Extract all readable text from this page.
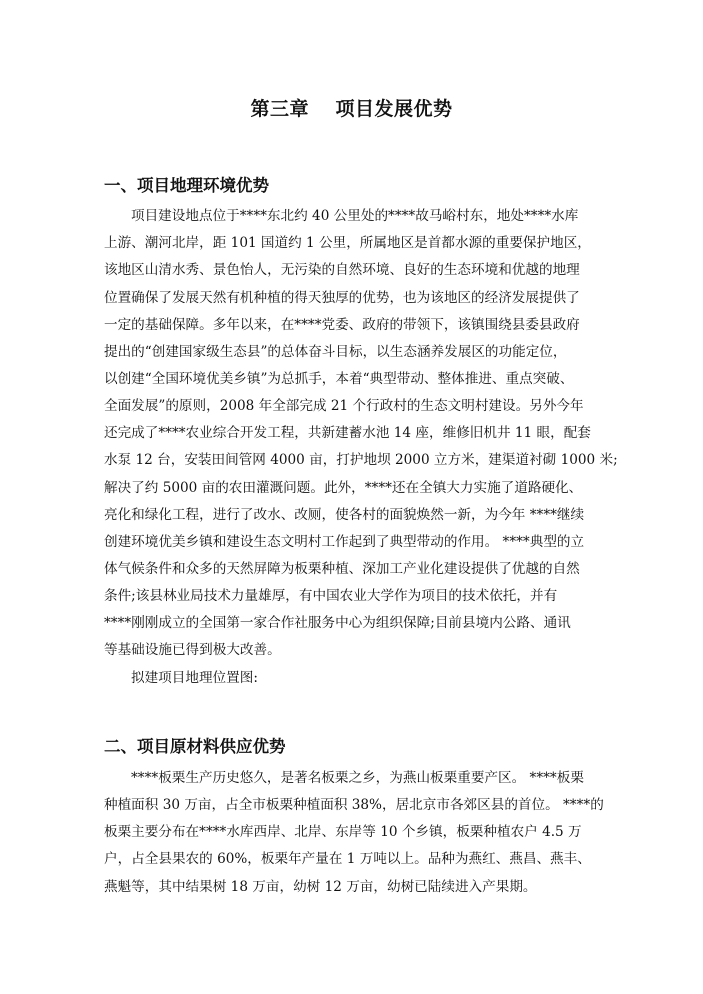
第三章　 项目发展优势
一、项目地理环境优势
项目建设地点位于****东北约 40 公里处的****故马峪村东，地处****水库
上游、潮河北岸，距 101 国道约 1 公里，所属地区是首都水源的重要保护地区，
该地区山清水秀、景色怡人，无污染的自然环境、良好的生态环境和优越的地理
位置确保了发展天然有机种植的得天独厚的优势，也为该地区的经济发展提供了
一定的基础保障。多年以来，在****党委、政府的带领下，该镇围绕县委县政府
提出的“创建国家级生态县”的总体奋斗目标，以生态涵养发展区的功能定位，
以创建“全国环境优美乡镇”为总抓手，本着“典型带动、整体推进、重点突破、
全面发展”的原则，2008 年全部完成 21 个行政村的生态文明村建设。另外今年
还完成了****农业综合开发工程，共新建蓄水池 14 座，维修旧机井 11 眼，配套
水泵 12 台，安装田间管网 4000 亩，打护地坝 2000 立方米，建渠道衬砌 1000 米;
解决了约 5000 亩的农田灌溉问题。此外，****还在全镇大力实施了道路硬化、
亮化和绿化工程，进行了改水、改厕，使各村的面貌焕然一新，为今年 ****继续
创建环境优美乡镇和建设生态文明村工作起到了典型带动的作用。 ****典型的立
体气候条件和众多的天然屏障为板栗种植、深加工产业化建设提供了优越的自然
条件;该县林业局技术力量雄厚，有中国农业大学作为项目的技术依托，并有
****刚刚成立的全国第一家合作社服务中心为组织保障;目前县境内公路、通讯
等基础设施已得到极大改善。
拟建项目地理位置图:
二、项目原材料供应优势
****板栗生产历史悠久，是著名板栗之乡，为燕山板栗重要产区。 ****板栗
种植面积 30 万亩，占全市板栗种植面积 38%，居北京市各郊区县的首位。 ****的
板栗主要分布在****水库西岸、北岸、东岸等 10 个乡镇，板栗种植农户 4.5 万
户，占全县果农的 60%，板栗年产量在 1 万吨以上。品种为燕红、燕昌、燕丰、
燕魁等，其中结果树 18 万亩，幼树 12 万亩，幼树已陆续进入产果期。
